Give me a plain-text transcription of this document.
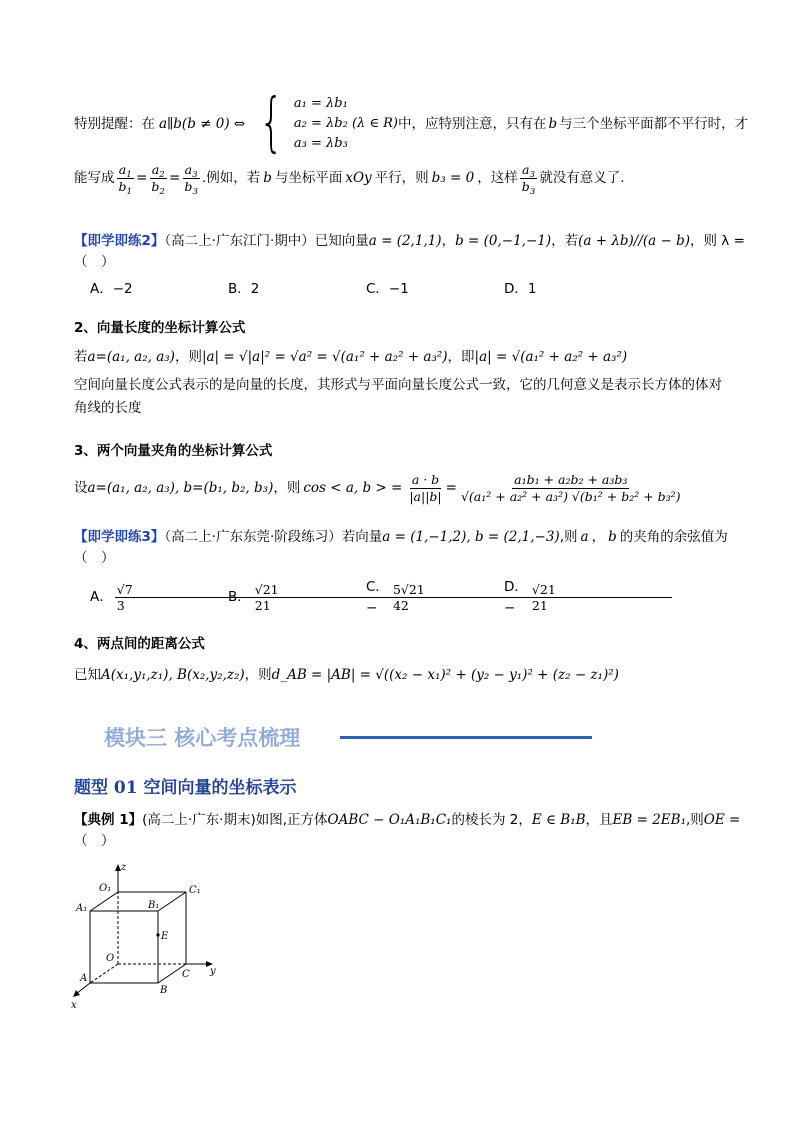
特别提醒：在 a∥b(b ≠ 0) ⇔ { a₁ = λb₁
a₂ = λb₂ (λ ∈ R)
a₃ = λb₃
中，应特别注意，只有在 b 与三个坐标平面都不平行时，才
能写成 $\frac{a_1}{b_1} = \frac{a_2}{b_2} = \frac{a_3}{b_3}$ .例如，若 b 与坐标平面 xOy 平行，则 b₃ = 0 ，这样 $\frac{a_3}{b_3}$ 就没有意义了.
【即学即练2】（高二上·广东江门·期中）已知向量a = (2,1,1)，b = (0,−1,−1)，若(a + λb)//(a − b)，则 λ =
（　）
A．−2	B．2	C．−1	D．1
2、向量长度的坐标计算公式
若a=(a₁, a₂, a₃)，则|a| = √|a|² = √a² = √(a₁² + a₂² + a₃²)，即|a| = √(a₁² + a₂² + a₃²)
空间向量长度公式表示的是向量的长度，其形式与平面向量长度公式一致，它的几何意义是表示长方体的体对角线的长度
3、两个向量夹角的坐标计算公式
设 a=(a₁, a₂, a₃), b=(b₁, b₂, b₃) ，则 cos < a, b > = $\frac{a \cdot b}{|a||b|} = \frac{\text{a₁b₁ + a₂b₂ + a₃b₃}}{\text{√(a₁² + a₂² + a₃²) √(b₁² + b₂² + b₃²)}}$
【即学即练3】（高二上·广东东莞·阶段练习）若向量a = (1,−1,2), b = (2,1,−3),则 a ， b 的夹角的余弦值为
（　）
A． $\frac{√7}{3}$
B． $\frac{√21}{21}$
C．−	$\frac{5√21}{42}$
D．−	$\frac{√21}{21}$
4、两点间的距离公式
已知A(x₁,y₁,z₁), B(x₂,y₂,z₂)，则d_AB = |AB| = √((x₂ − x₁)² + (y₂ − y₁)² + (z₂ − z₁)²)
模块三 核心考点梳理
题型 01 空间向量的坐标表示
【典例 1】(高二上·广东·期末)如图,正方体OABC − O₁A₁B₁C₁的棱长为 2，E ∈ B₁B，且EB = 2EB₁,则OE =
（　）
z
y
x
O₁	C₁
A₁	B₁
E
O
C
A
B
